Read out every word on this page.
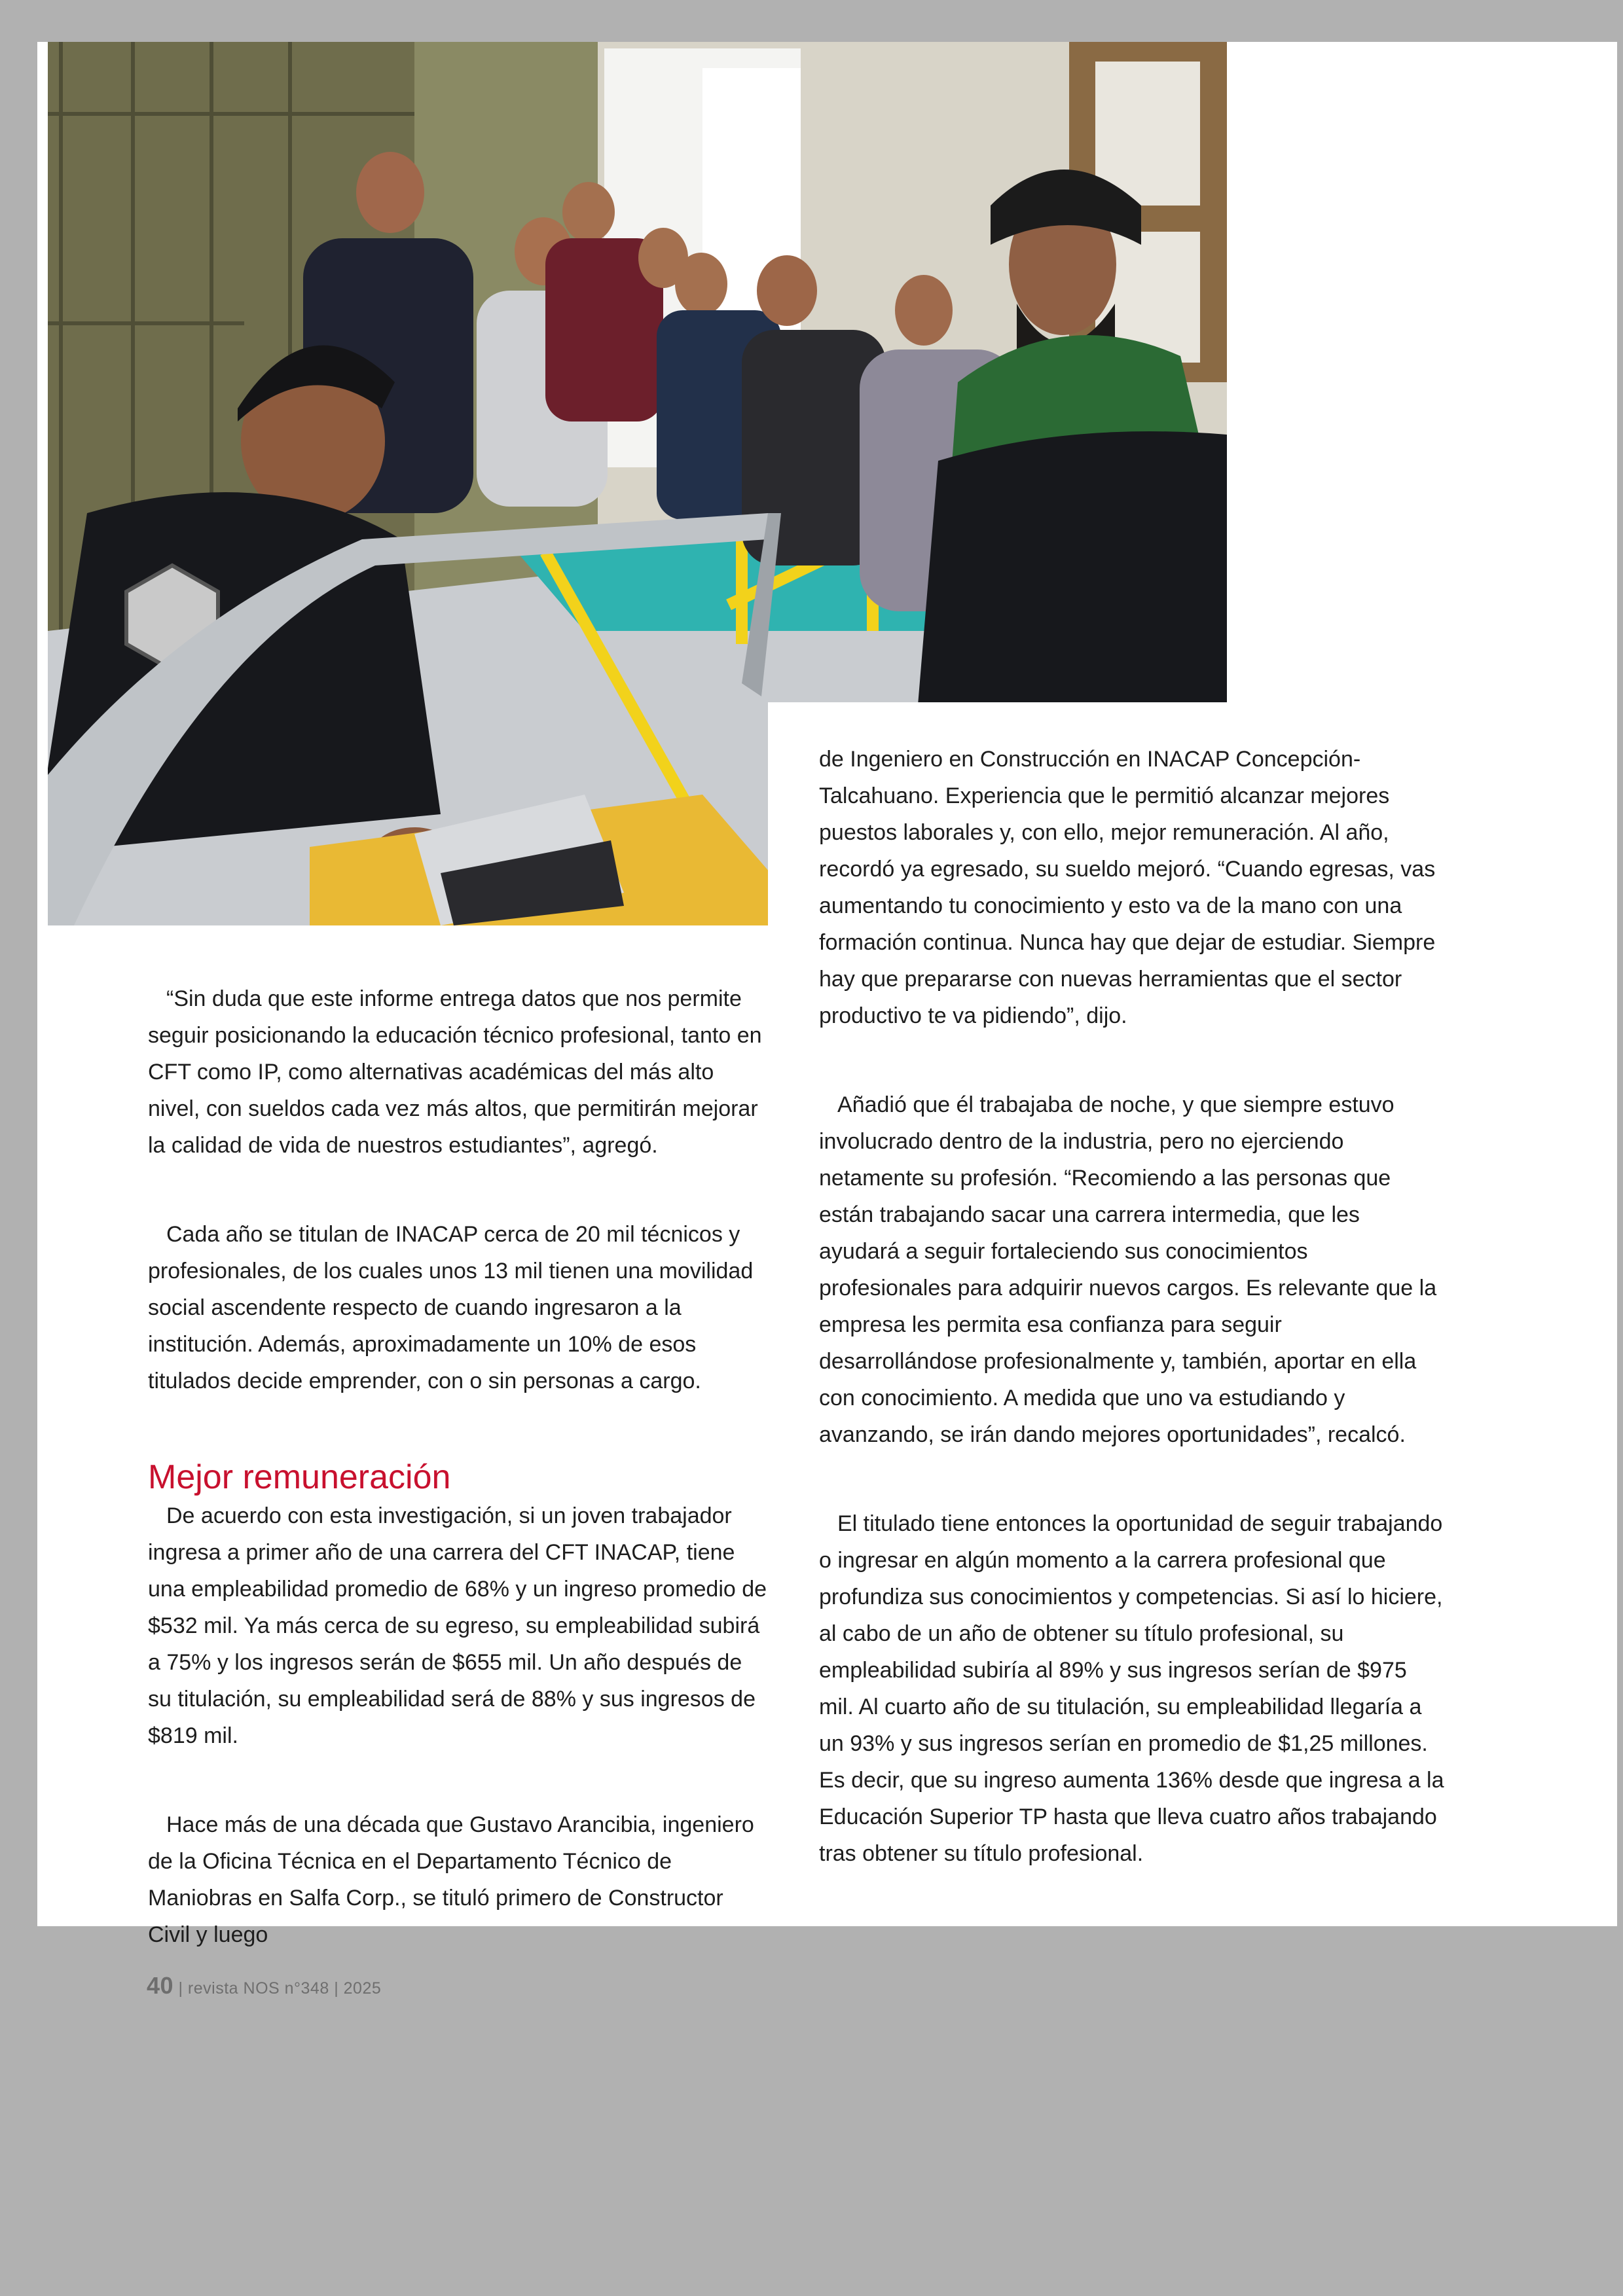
“Sin duda que este informe entrega datos que nos permite seguir posicionando la educación técnico profesional, tanto en CFT como IP, como alternativas académicas del más alto nivel, con sueldos cada vez más altos, que permitirán mejorar la calidad de vida de nuestros estudiantes”, agregó.

Cada año se titulan de INACAP cerca de 20 mil técnicos y profesionales, de los cuales unos 13 mil tienen una movilidad social ascendente respecto de cuando ingresaron a la institución. Además, aproximadamente un 10% de esos titulados decide emprender, con o sin personas a cargo.

Mejor remuneración

De acuerdo con esta investigación, si un joven trabajador ingresa a primer año de una carrera del CFT INACAP, tiene una empleabilidad promedio de 68% y un ingreso promedio de $532 mil. Ya más cerca de su egreso, su empleabilidad subirá a 75% y los ingresos serán de $655 mil. Un año después de su titulación, su empleabilidad será de 88% y sus ingresos de $819 mil.

Hace más de una década que Gustavo Arancibia, ingeniero de la Oficina Técnica en el Departamento Técnico de Maniobras en Salfa Corp., se tituló primero de Constructor Civil y luego

de Ingeniero en Construcción en INACAP Concepción-Talcahuano. Experiencia que le permitió alcanzar mejores puestos laborales y, con ello, mejor remuneración. Al año, recordó ya egresado, su sueldo mejoró. “Cuando egresas, vas aumentando tu conocimiento y esto va de la mano con una formación continua. Nunca hay que dejar de estudiar. Siempre hay que prepararse con nuevas herramientas que el sector productivo te va pidiendo”, dijo.

Añadió que él trabajaba de noche, y que siempre estuvo involucrado dentro de la industria, pero no ejerciendo netamente su profesión. “Recomiendo a las personas que están trabajando sacar una carrera intermedia, que les ayudará a seguir fortaleciendo sus conocimientos profesionales para adquirir nuevos cargos. Es relevante que la empresa les permita esa confianza para seguir desarrollándose profesionalmente y, también, aportar en ella con conocimiento. A medida que uno va estudiando y avanzando, se irán dando mejores oportunidades”, recalcó.

El titulado tiene entonces la oportunidad de seguir trabajando o ingresar en algún momento a la carrera profesional que profundiza sus conocimientos y competencias. Si así lo hiciere, al cabo de un año de obtener su título profesional, su empleabilidad subiría al 89% y sus ingresos serían de $975 mil. Al cuarto año de su titulación, su empleabilidad llegaría a un 93% y sus ingresos serían en promedio de $1,25 millones. Es decir, que su ingreso aumenta 136% desde que ingresa a la Educación Superior TP hasta que lleva cuatro años trabajando tras obtener su título profesional.

40 | revista NOS n°348 | 2025
